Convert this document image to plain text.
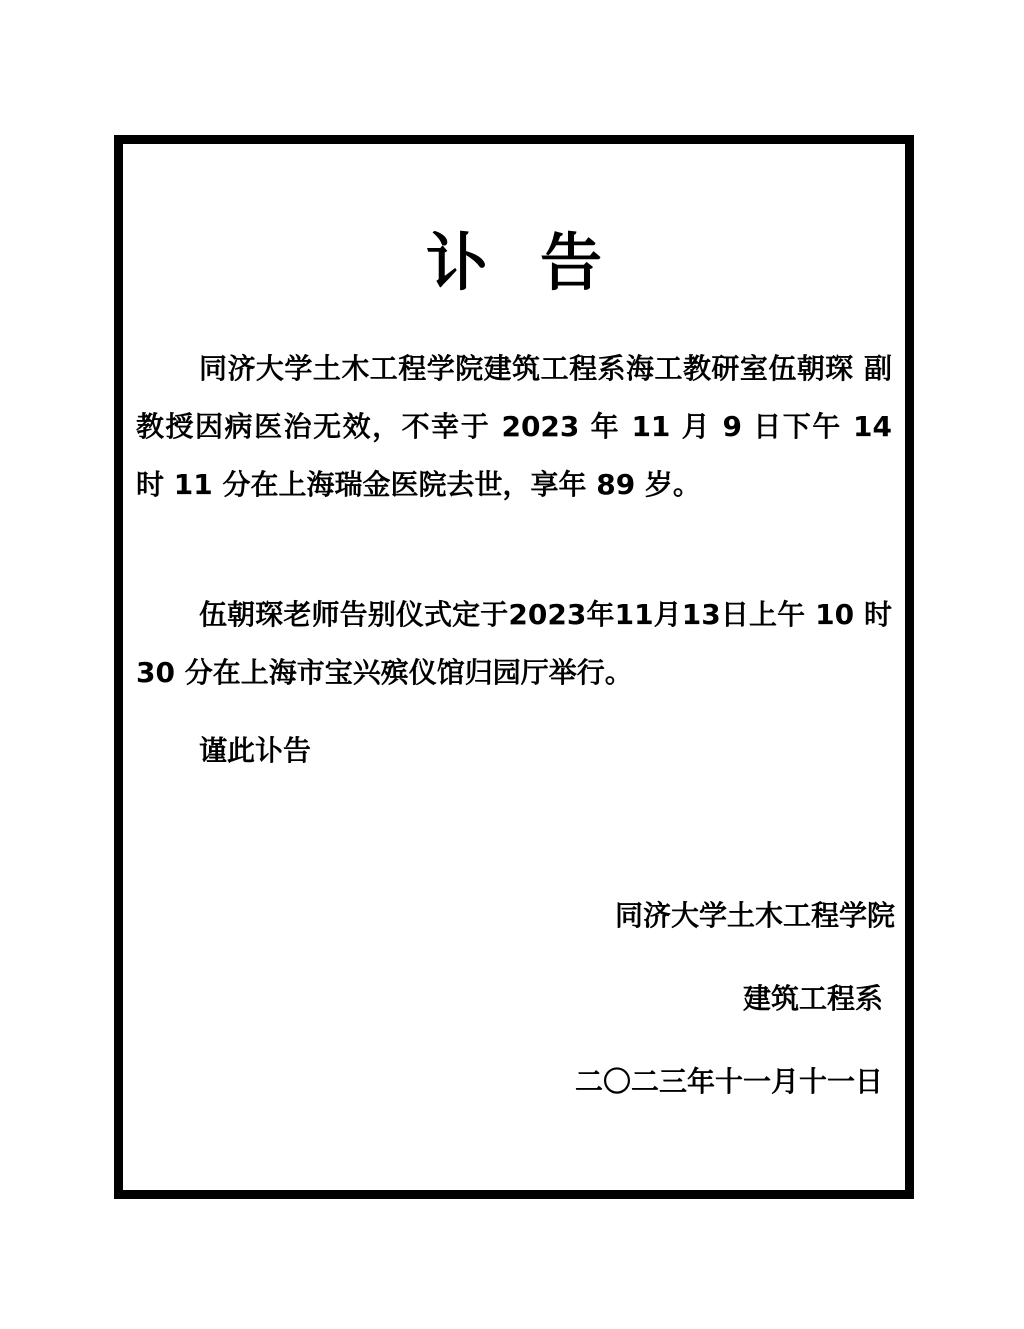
讣告

同济大学土木工程学院建筑工程系海工教研室伍朝琛 副教授因病医治无效，不幸于 2023 年 11 月 9 日下午 14 时 11 分在上海瑞金医院去世，享年 89 岁。

伍朝琛老师告别仪式定于2023年11月13日上午 10 时 30 分在上海市宝兴殡仪馆归园厅举行。

谨此讣告
同济大学土木工程学院
建筑工程系
二〇二三年十一月十一日
